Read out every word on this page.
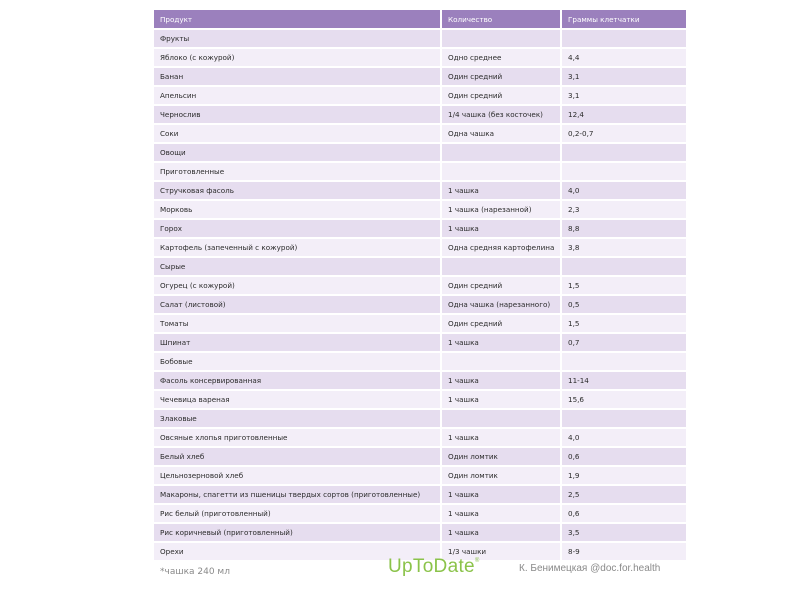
Продукт	Количество	Граммы клетчатки
Фрукты		
Яблоко (с кожурой)	Одно среднее	4,4
Банан	Один средний	3,1
Апельсин	Один средний	3,1
Чернослив	1/4 чашка (без косточек)	12,4
Соки	Одна чашка	0,2-0,7
Овощи		
Приготовленные		
Стручковая фасоль	1 чашка	4,0
Морковь	1 чашка (нарезанной)	2,3
Горох	1 чашка	8,8
Картофель (запеченный с кожурой)	Одна средняя картофелина	3,8
Сырые		
Огурец (с кожурой)	Один средний	1,5
Салат (листовой)	Одна чашка (нарезанного)	0,5
Томаты	Один средний	1,5
Шпинат	1 чашка	0,7
Бобовые		
Фасоль консервированная	1 чашка	11-14
Чечевица вареная	1 чашка	15,6
Злаковые		
Овсяные хлопья приготовленные	1 чашка	4,0
Белый хлеб	Один ломтик	0,6
Цельнозерновой хлеб	Один ломтик	1,9
Макароны, спагетти из пшеницы твердых сортов (приготовленные)	1 чашка	2,5
Рис белый (приготовленный)	1 чашка	0,6
Рис коричневый (приготовленный)	1 чашка	3,5
Орехи	1/3 чашки	8-9
*чашка 240 мл	UpToDate®
К. Бенимецкая @doc.for.health
